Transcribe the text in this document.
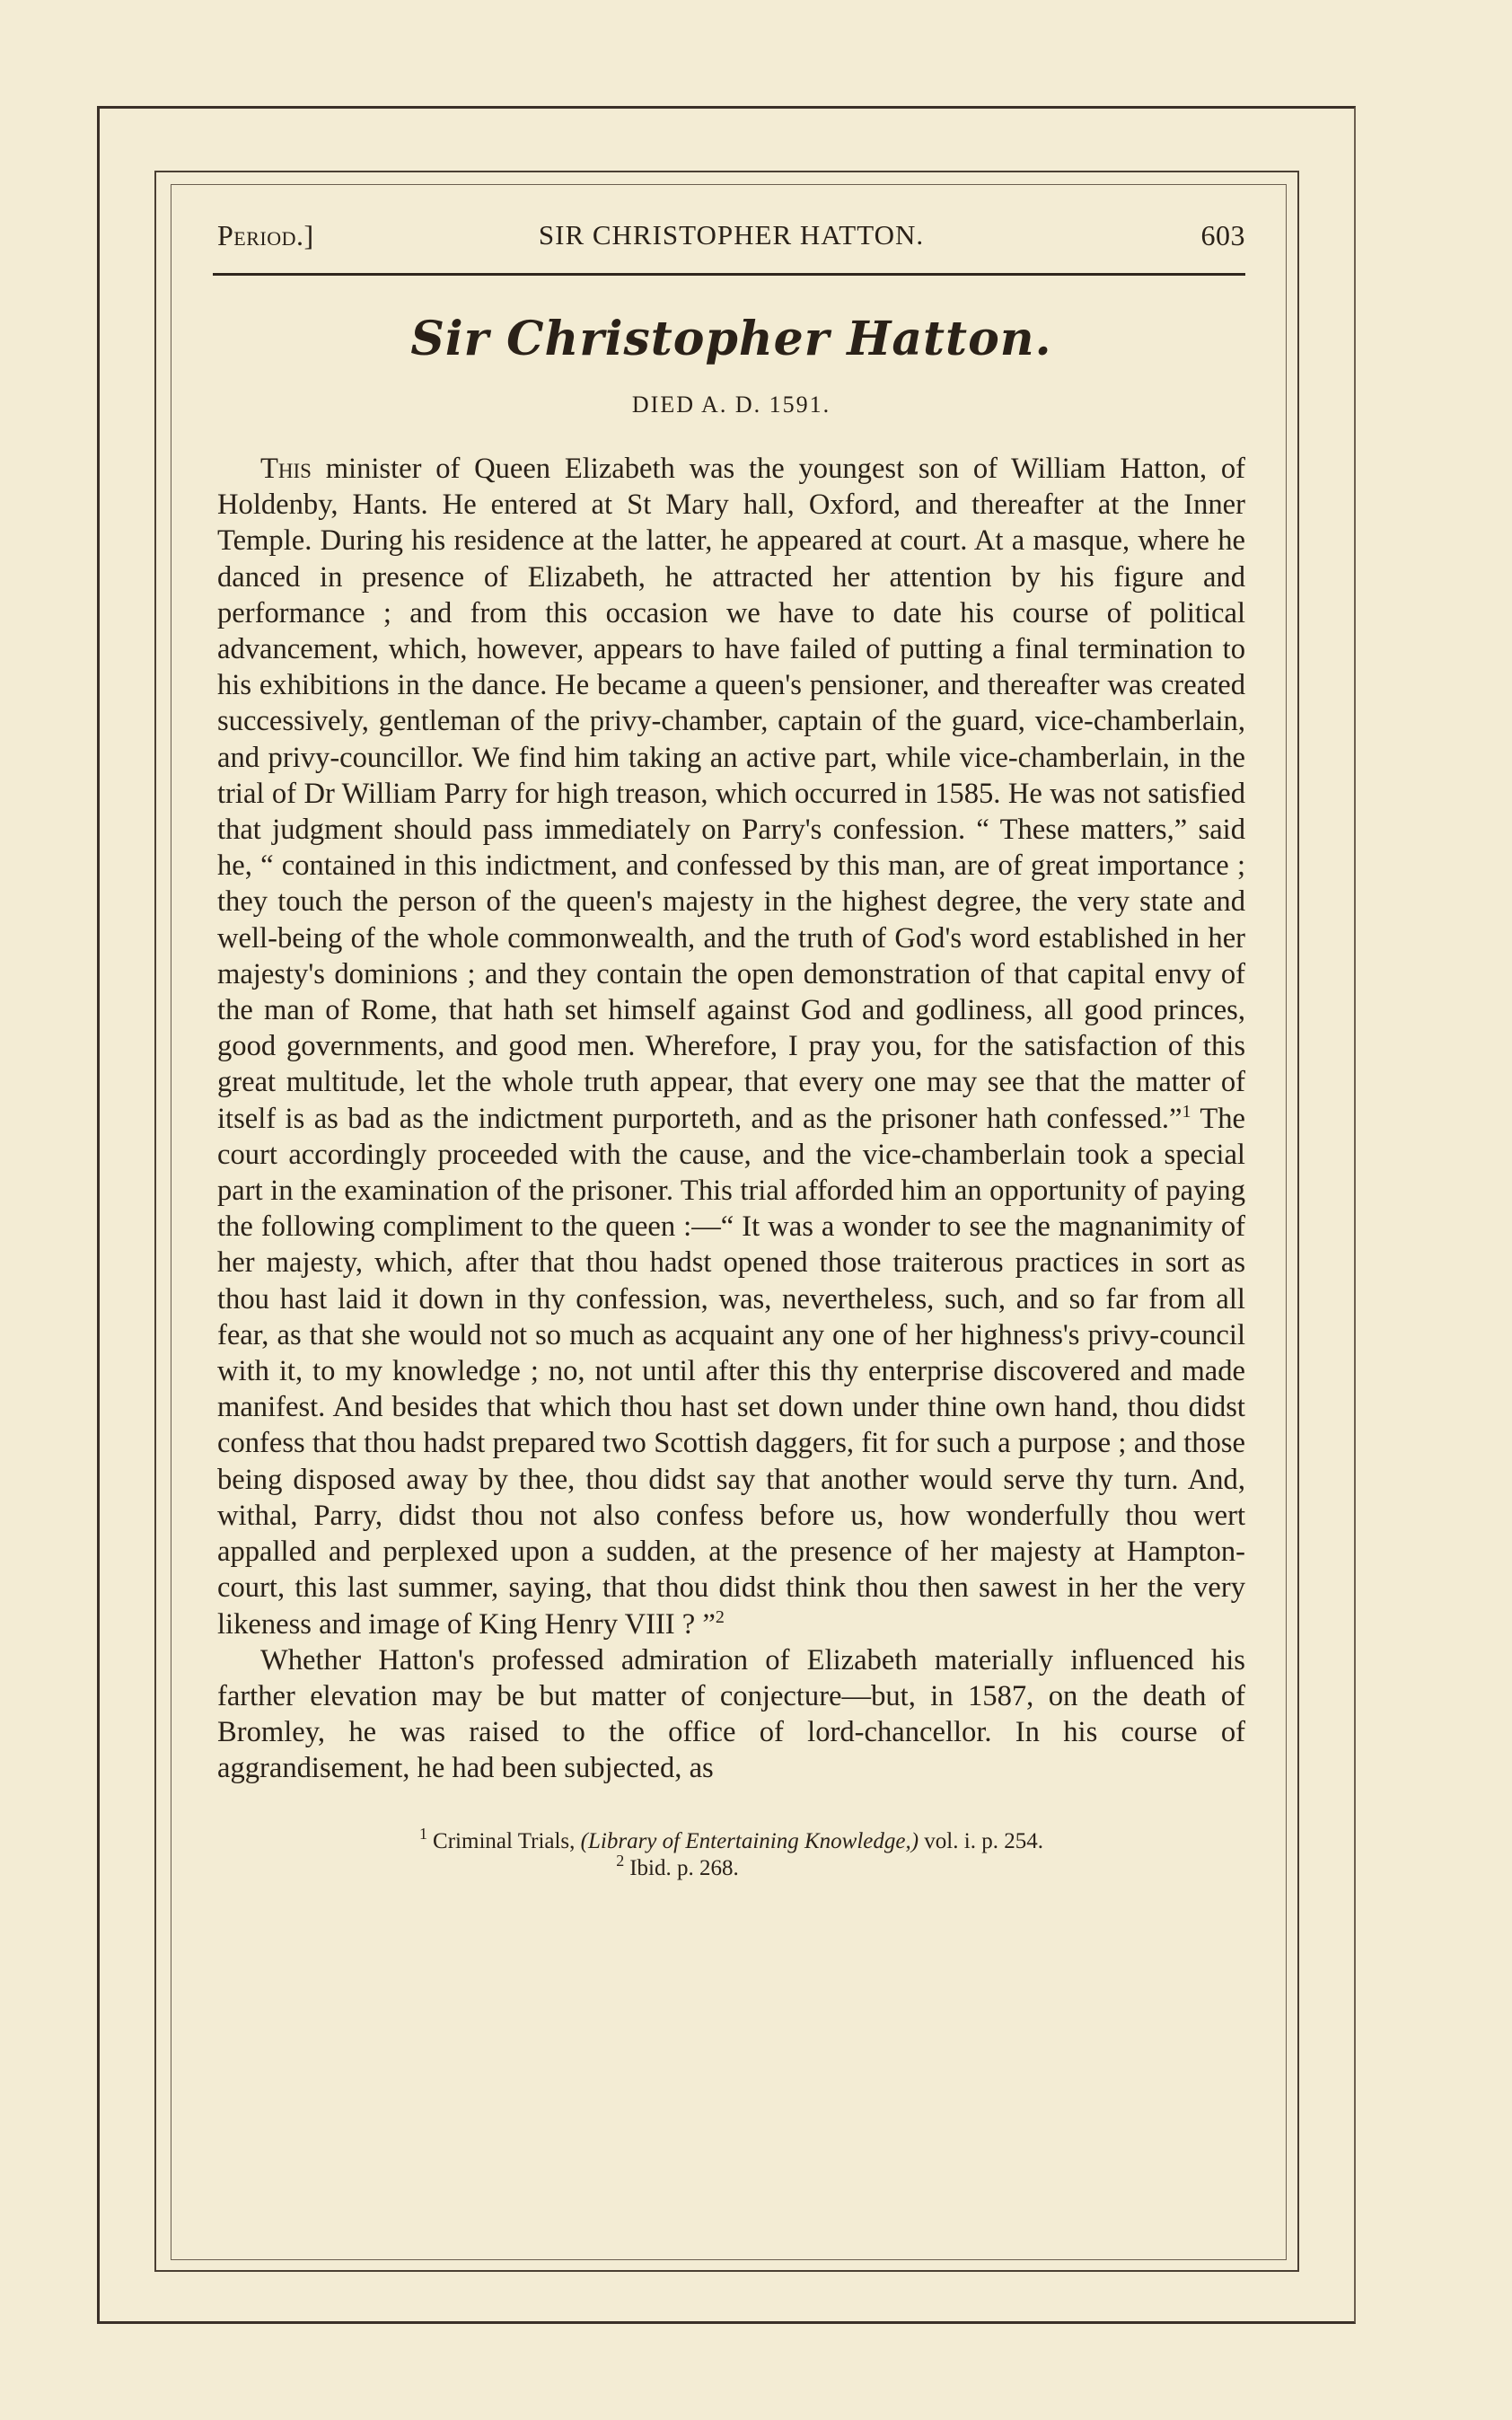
Period.]	SIR CHRISTOPHER HATTON.	603
Sir Christopher Hatton.
DIED A. D. 1591.

This minister of Queen Elizabeth was the youngest son of William Hatton, of Holdenby, Hants. He entered at St Mary hall, Oxford, and thereafter at the Inner Temple. During his residence at the latter, he appeared at court. At a masque, where he danced in presence of Elizabeth, he attracted her attention by his figure and performance ; and from this occasion we have to date his course of political advancement, which, however, appears to have failed of putting a final termination to his exhibitions in the dance. He became a queen's pensioner, and thereafter was created successively, gentleman of the privy-chamber, captain of the guard, vice-chamberlain, and privy-councillor. We find him taking an active part, while vice-chamberlain, in the trial of Dr William Parry for high treason, which occurred in 1585. He was not satisfied that judgment should pass immediately on Parry's confession. “ These matters,” said he, “ contained in this indictment, and confessed by this man, are of great importance ; they touch the person of the queen's majesty in the highest degree, the very state and well-being of the whole commonwealth, and the truth of God's word established in her majesty's dominions ; and they contain the open demonstration of that capital envy of the man of Rome, that hath set himself against God and godliness, all good princes, good governments, and good men. Wherefore, I pray you, for the satisfaction of this great multitude, let the whole truth appear, that every one may see that the matter of itself is as bad as the indictment purporteth, and as the prisoner hath confessed.”$^1$ The court accordingly proceeded with the cause, and the vice-chamberlain took a special part in the examination of the prisoner. This trial afforded him an opportunity of paying the following compliment to the queen :—“ It was a wonder to see the magnanimity of her majesty, which, after that thou hadst opened those traiterous practices in sort as thou hast laid it down in thy confession, was, nevertheless, such, and so far from all fear, as that she would not so much as acquaint any one of her highness's privy-council with it, to my knowledge ; no, not until after this thy enterprise discovered and made manifest. And besides that which thou hast set down under thine own hand, thou didst confess that thou hadst prepared two Scottish daggers, fit for such a purpose ; and those being disposed away by thee, thou didst say that another would serve thy turn. And, withal, Parry, didst thou not also confess before us, how wonderfully thou wert appalled and perplexed upon a sudden, at the presence of her majesty at Hampton-court, this last summer, saying, that thou didst think thou then sawest in her the very likeness and image of King Henry VIII ? ”$^2$

Whether Hatton's professed admiration of Elizabeth materially influenced his farther elevation may be but matter of conjecture—but, in 1587, on the death of Bromley, he was raised to the office of lord-chancellor. In his course of aggrandisement, he had been subjected, as

$^1$ Criminal Trials, (Library of Entertaining Knowledge,) vol. i. p. 254.
$^2$ Ibid. p. 268.
